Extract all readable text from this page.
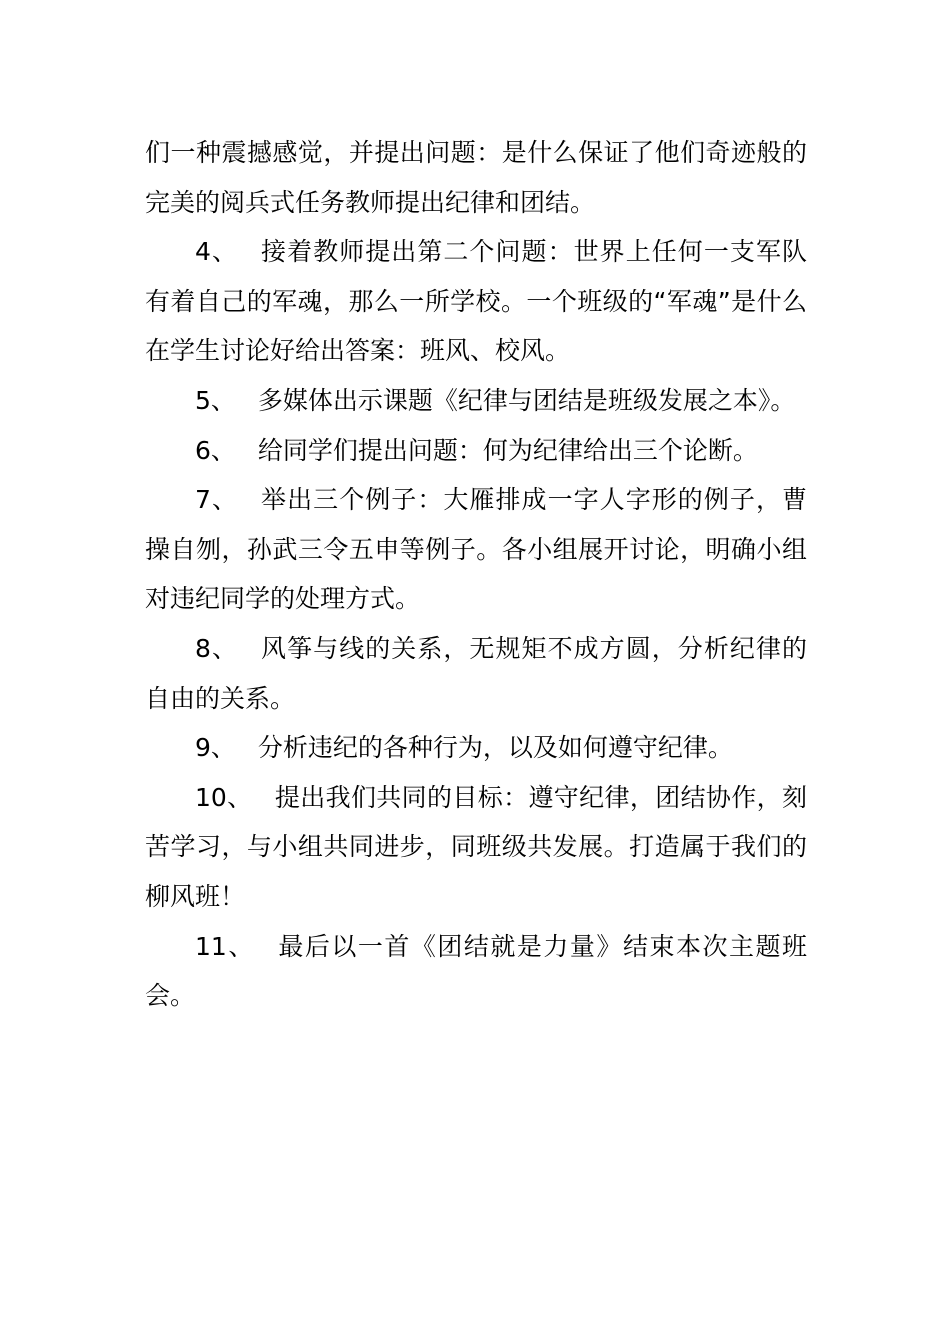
们一种震撼感觉，并提出问题：是什么保证了他们奇迹般的完美的阅兵式任务教师提出纪律和团结。

4、 接着教师提出第二个问题：世界上任何一支军队有着自己的军魂，那么一所学校。一个班级的“军魂”是什么在学生讨论好给出答案：班风、校风。

5、 多媒体出示课题《纪律与团结是班级发展之本》。

6、 给同学们提出问题：何为纪律给出三个论断。

7、 举出三个例子：大雁排成一字人字形的例子，曹操自刎，孙武三令五申等例子。各小组展开讨论，明确小组对违纪同学的处理方式。

8、 风筝与线的关系，无规矩不成方圆，分析纪律的自由的关系。

9、 分析违纪的各种行为，以及如何遵守纪律。

10、 提出我们共同的目标：遵守纪律，团结协作，刻苦学习，与小组共同进步，同班级共发展。打造属于我们的柳风班！

11、 最后以一首《团结就是力量》结束本次主题班会。
